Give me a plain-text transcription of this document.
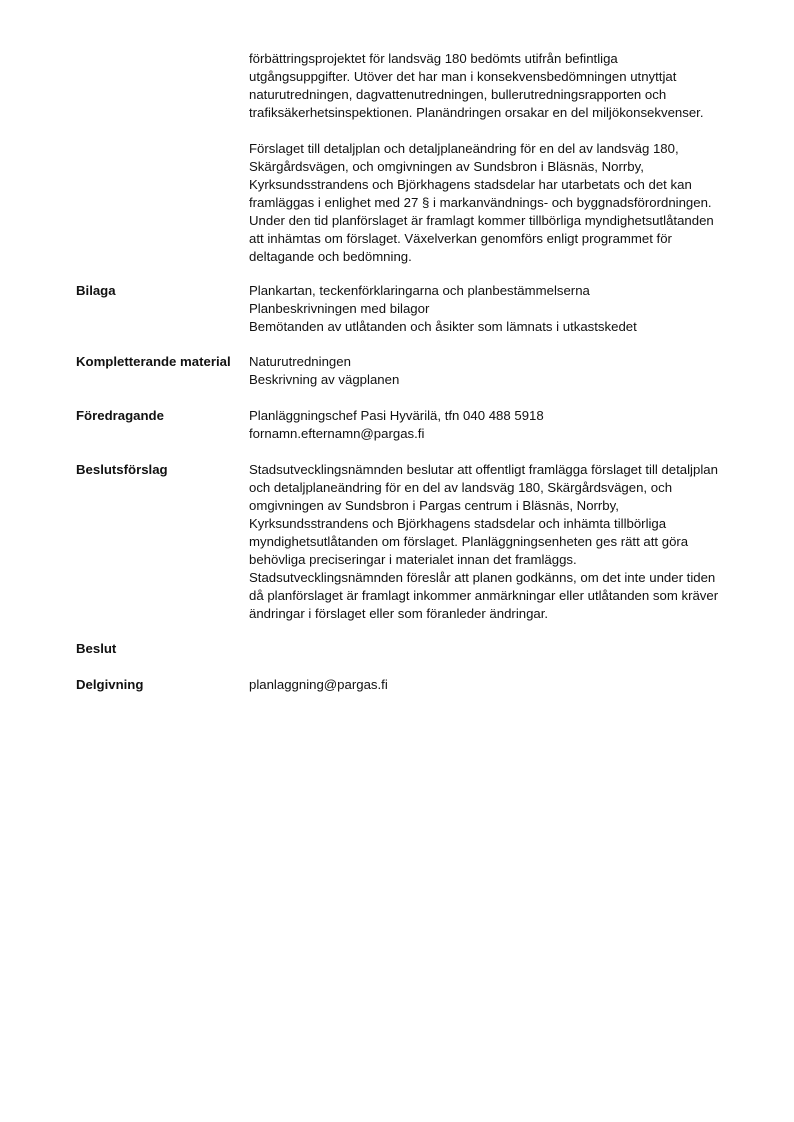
förbättringsprojektet för landsväg 180 bedömts utifrån befintliga
utgångsuppgifter. Utöver det har man i konsekvensbedömningen utnyttjat
naturutredningen, dagvattenutredningen, bullerutredningsrapporten och
trafiksäkerhetsinspektionen. Planändringen orsakar en del miljökonsekvenser.
Förslaget till detaljplan och detaljplaneändring för en del av landsväg 180,
Skärgårdsvägen, och omgivningen av Sundsbron i Bläsnäs, Norrby,
Kyrksundsstrandens och Björkhagens stadsdelar har utarbetats och det kan
framläggas i enlighet med 27 § i markanvändnings- och byggnadsförordningen.
Under den tid planförslaget är framlagt kommer tillbörliga myndighetsutlåtanden
att inhämtas om förslaget. Växelverkan genomförs enligt programmet för
deltagande och bedömning.
Bilaga	Plankartan, teckenförklaringarna och planbestämmelserna
Planbeskrivningen med bilagor
Bemötanden av utlåtanden och åsikter som lämnats i utkastskedet
Kompletterande material	Naturutredningen
Beskrivning av vägplanen
Föredragande	Planläggningschef Pasi Hyvärilä, tfn 040 488 5918
fornamn.efternamn@pargas.fi
Beslutsförslag	Stadsutvecklingsnämnden beslutar att offentligt framlägga förslaget till detaljplan
och detaljplaneändring för en del av landsväg 180, Skärgårdsvägen, och
omgivningen av Sundsbron i Pargas centrum i Bläsnäs, Norrby,
Kyrksundsstrandens och Björkhagens stadsdelar och inhämta tillbörliga
myndighetsutlåtanden om förslaget. Planläggningsenheten ges rätt att göra
behövliga preciseringar i materialet innan det framläggs.
Stadsutvecklingsnämnden föreslår att planen godkänns, om det inte under tiden
då planförslaget är framlagt inkommer anmärkningar eller utlåtanden som kräver
ändringar i förslaget eller som föranleder ändringar.
Beslut
Delgivning	planlaggning@pargas.fi
